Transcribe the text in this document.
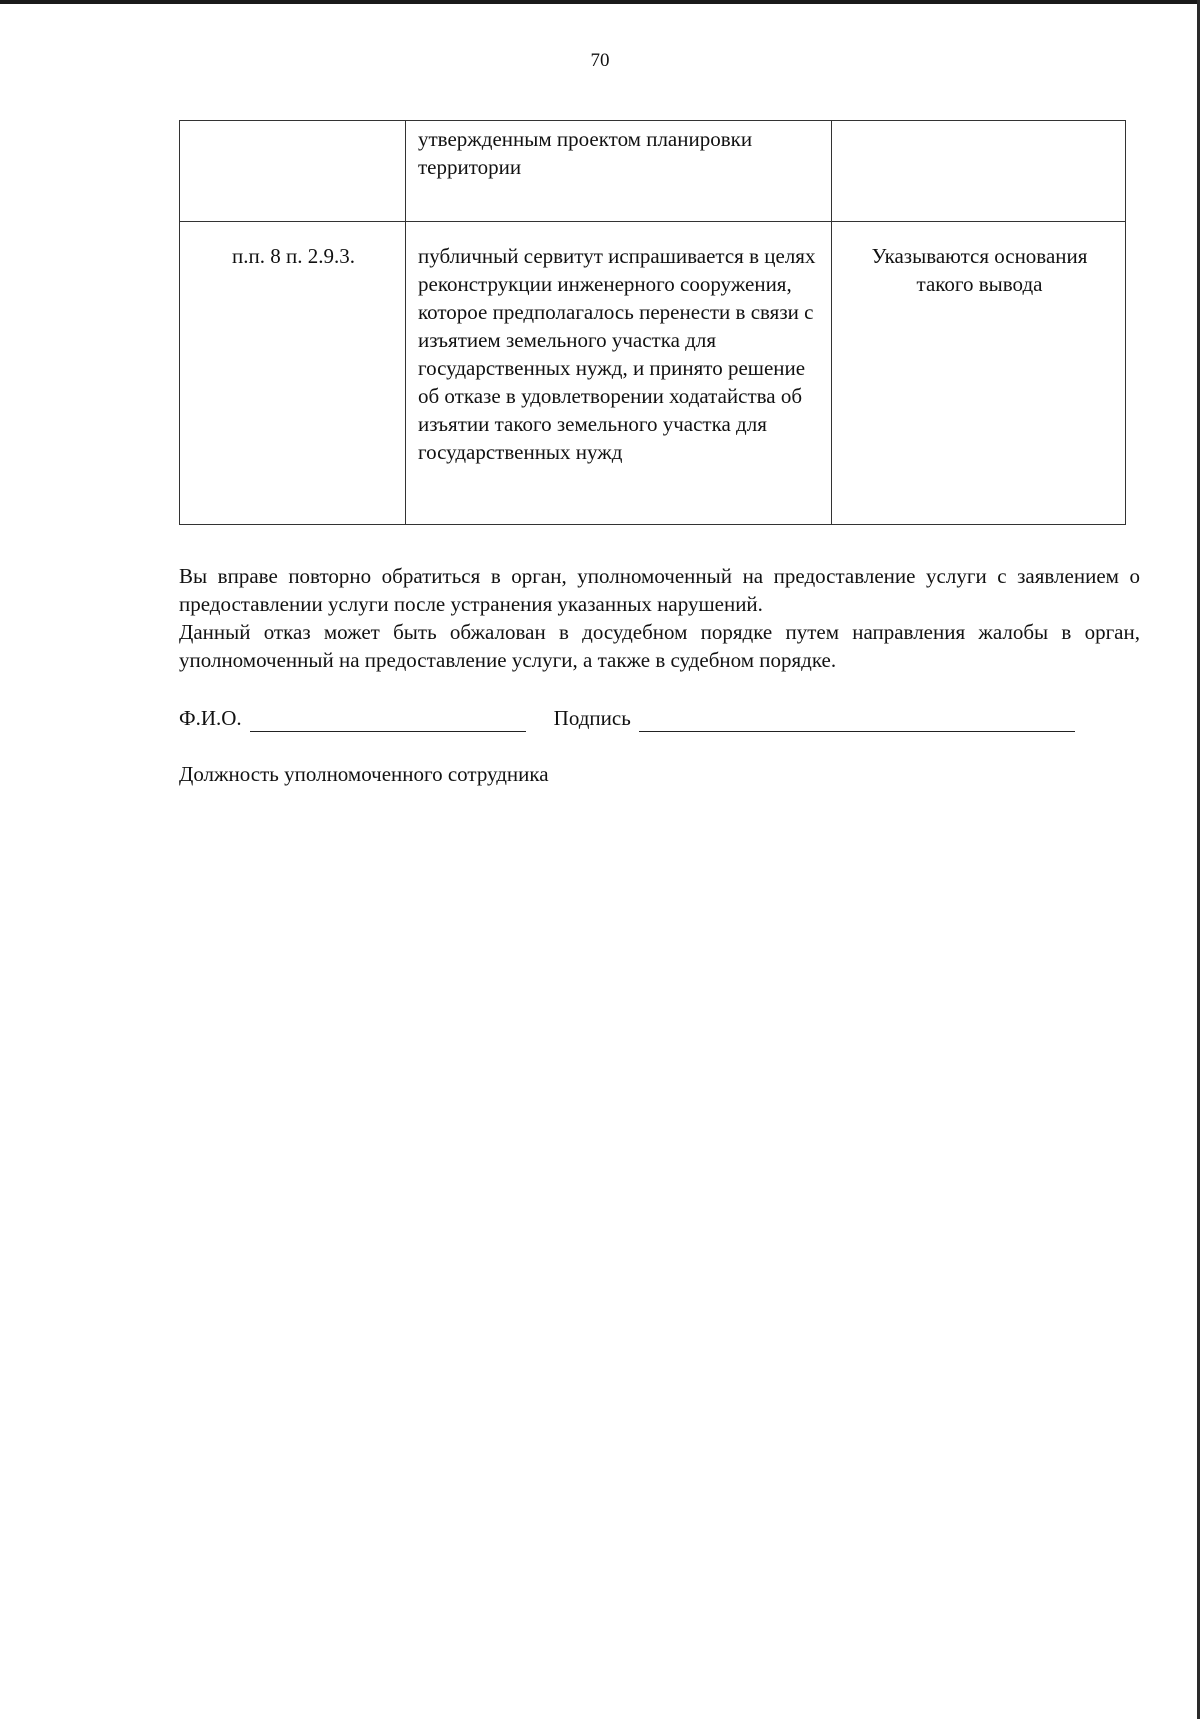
70
	утвержденным проектом планировки территории	
п.п. 8 п. 2.9.3.	публичный сервитут испрашивается в целях реконструкции инженерного сооружения, которое предполагалось перенести в связи с изъятием земельного участка для государственных нужд, и принято решение об отказе в удовлетворении ходатайства об изъятии такого земельного участка для государственных нужд	Указываются основания такого вывода
Вы вправе повторно обратиться в орган, уполномоченный на предоставление услуги с заявлением о предоставлении услуги после устранения указанных нарушений.
Данный отказ может быть обжалован в досудебном порядке путем направления жалобы в орган, уполномоченный на предоставление услуги, а также в судебном порядке.
Ф.И.О.	Подпись
Должность уполномоченного сотрудника
